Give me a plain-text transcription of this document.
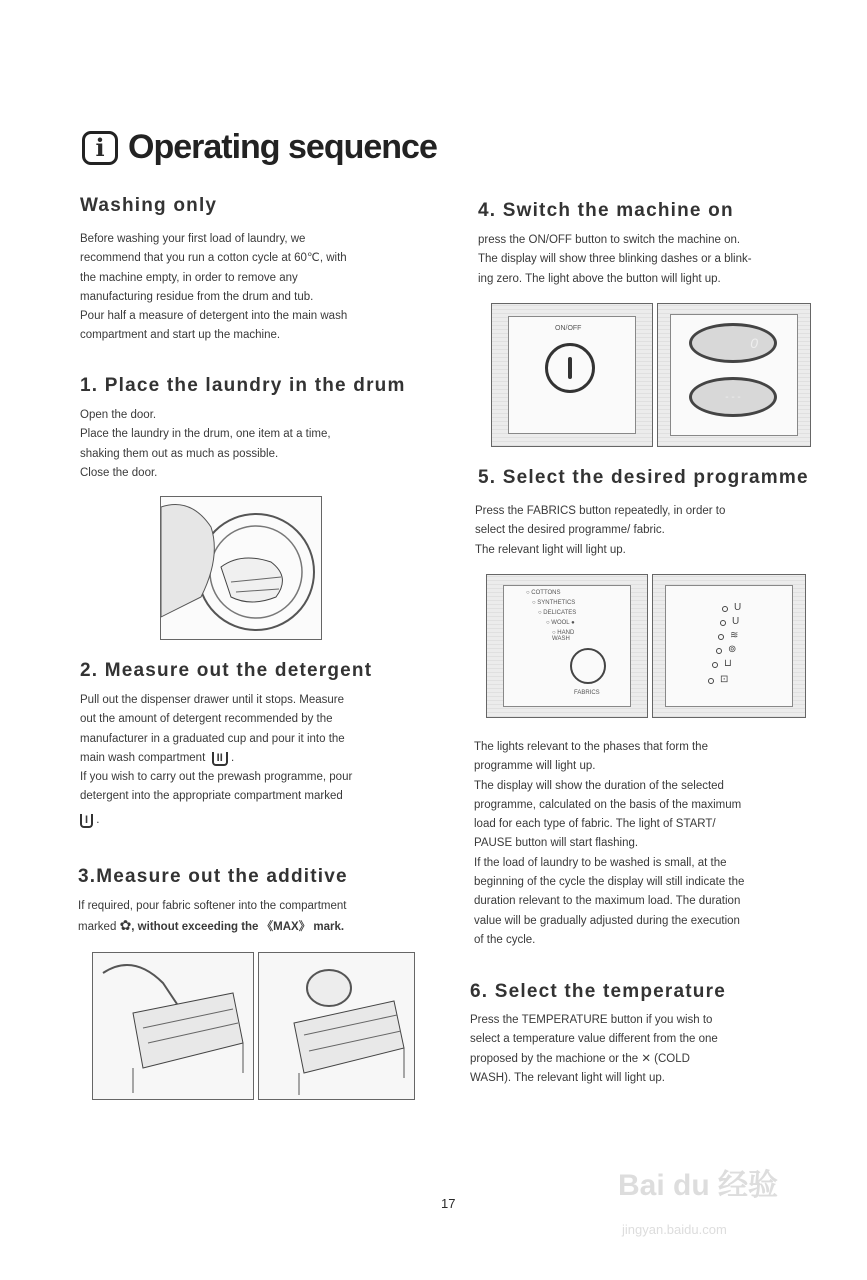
i Operating sequence
Washing only

Before washing your first load of laundry, we

recommend that you run a cotton cycle at 60℃, with

the machine empty, in order to remove any

manufacturing residue from the drum and tub.

Pour half a measure of detergent into the main wash

compartment and start up the machine.

1. Place the laundry in the drum

Open the door.

Place the laundry in the drum, one item at a time,

shaking them out as much as possible.

Close the door.

2. Measure out the detergent

Pull out the dispenser drawer until it stops. Measure

out the amount of detergent recommended by the

manufacturer in a graduated cup and pour it into the

main wash compartment II .

If you wish to carry out the prewash programme, pour

detergent into the appropriate compartment marked

I .

3.Measure out the additive

If required, pour fabric softener into the compartment

marked ✿, without exceeding the 《MAX》 mark.

4. Switch the machine on

press the ON/OFF button to switch the machine on.

The display will show three blinking dashes or a blink-

ing zero. The light above the button will light up.

ON/OFF
0
- - -
5. Select the desired programme

Press the FABRICS button repeatedly, in order to

select the desired programme/ fabric.

The relevant light will light up.

○ COTTONS
○ SYNTHETICS
○ DELICATES
○ WOOL ●
○ HAND WASH
FABRICS
U
U
≋
⊚
⊔
⊡

The lights relevant to the phases that form the

programme will light up.

The display will show the duration of the selected

programme, calculated on the basis of the maximum

load for each type of fabric. The light of START/

PAUSE button will start flashing.

If the load of laundry to be washed is small, at the

beginning of the cycle the display will still indicate the

duration relevant to the maximum load. The duration

value will be gradually adjusted during the execution

of the cycle.

6. Select the temperature

Press the TEMPERATURE button if you wish to

select a temperature value different from the one

proposed by the machione or the ✕ (COLD

WASH). The relevant light will light up.

17
Bai du 经验
jingyan.baidu.com
